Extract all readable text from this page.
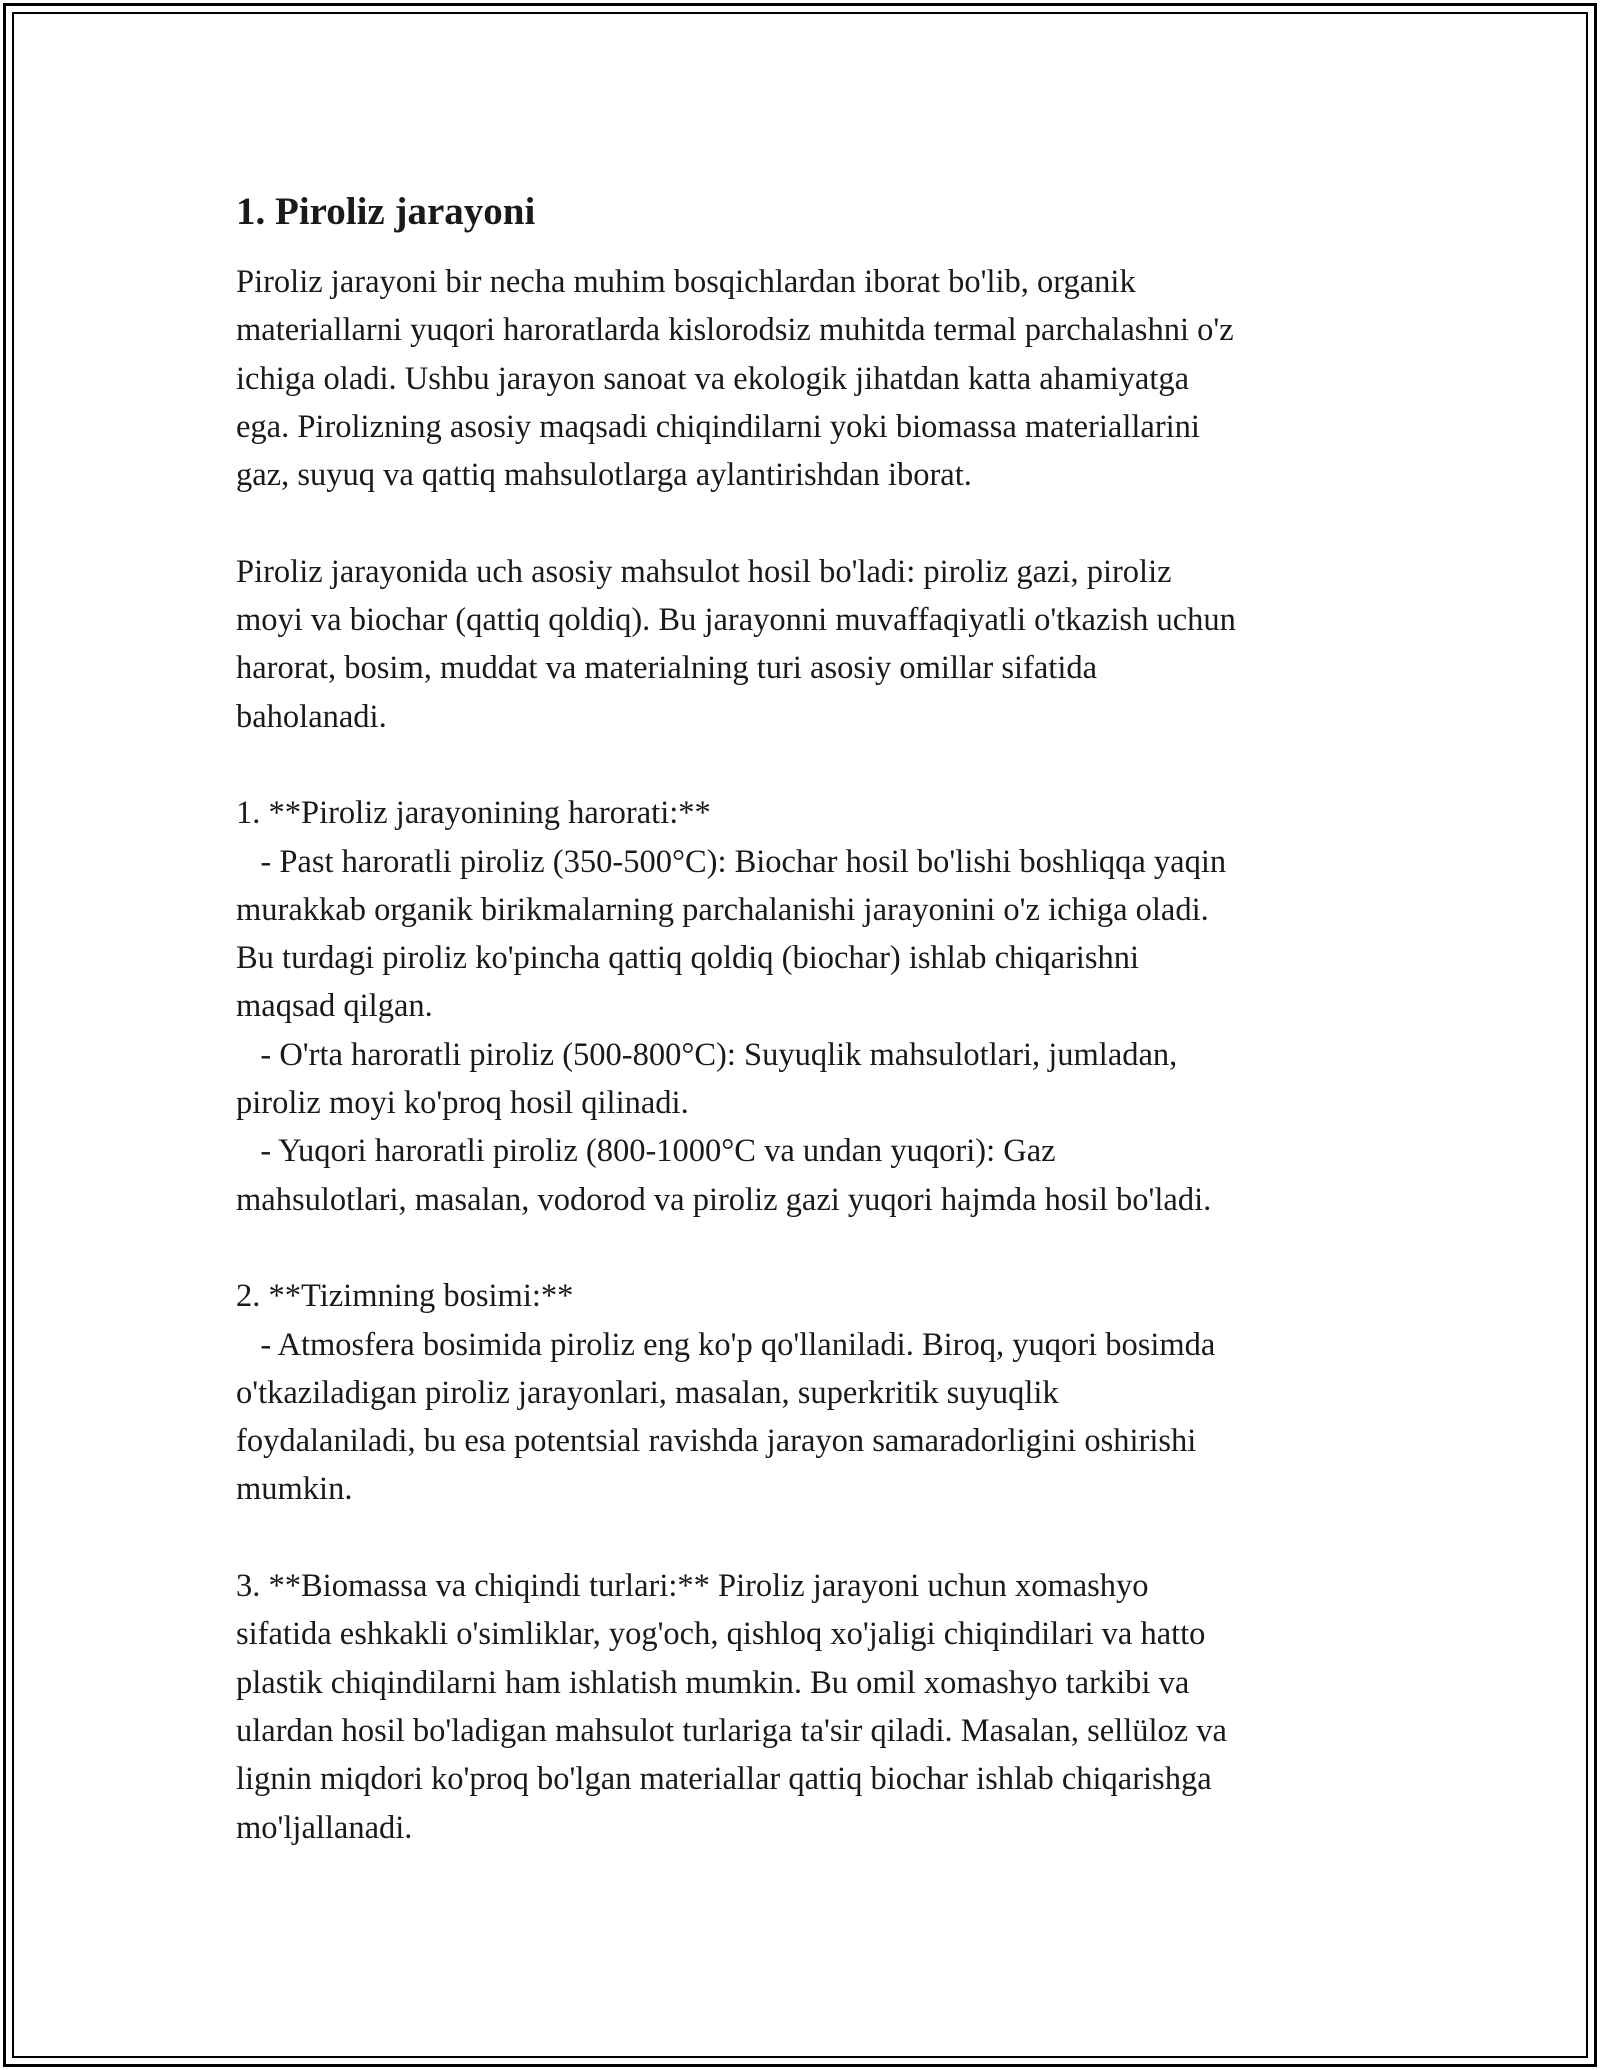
1. Piroliz jarayoni

Piroliz jarayoni bir necha muhim bosqichlardan iborat bo'lib, organik
materiallarni yuqori haroratlarda kislorodsiz muhitda termal parchalashni o'z
ichiga oladi. Ushbu jarayon sanoat va ekologik jihatdan katta ahamiyatga
ega. Pirolizning asosiy maqsadi chiqindilarni yoki biomassa materiallarini
gaz, suyuq va qattiq mahsulotlarga aylantirishdan iborat.

Piroliz jarayonida uch asosiy mahsulot hosil bo'ladi: piroliz gazi, piroliz
moyi va biochar (qattiq qoldiq). Bu jarayonni muvaffaqiyatli o'tkazish uchun
harorat, bosim, muddat va materialning turi asosiy omillar sifatida
baholanadi.

1. **Piroliz jarayonining harorati:**
- Past haroratli piroliz (350-500°C): Biochar hosil bo'lishi boshliqqa yaqin
murakkab organik birikmalarning parchalanishi jarayonini o'z ichiga oladi.
Bu turdagi piroliz ko'pincha qattiq qoldiq (biochar) ishlab chiqarishni
maqsad qilgan.
- O'rta haroratli piroliz (500-800°C): Suyuqlik mahsulotlari, jumladan,
piroliz moyi ko'proq hosil qilinadi.
- Yuqori haroratli piroliz (800-1000°C va undan yuqori): Gaz
mahsulotlari, masalan, vodorod va piroliz gazi yuqori hajmda hosil bo'ladi.

2. **Tizimning bosimi:**
- Atmosfera bosimida piroliz eng ko'p qo'llaniladi. Biroq, yuqori bosimda
o'tkaziladigan piroliz jarayonlari, masalan, superkritik suyuqlik
foydalaniladi, bu esa potentsial ravishda jarayon samaradorligini oshirishi
mumkin.

3. **Biomassa va chiqindi turlari:** Piroliz jarayoni uchun xomashyo
sifatida eshkakli o'simliklar, yog'och, qishloq xo'jaligi chiqindilari va hatto
plastik chiqindilarni ham ishlatish mumkin. Bu omil xomashyo tarkibi va
ulardan hosil bo'ladigan mahsulot turlariga ta'sir qiladi. Masalan, sellüloz va
lignin miqdori ko'proq bo'lgan materiallar qattiq biochar ishlab chiqarishga
mo'ljallanadi.
